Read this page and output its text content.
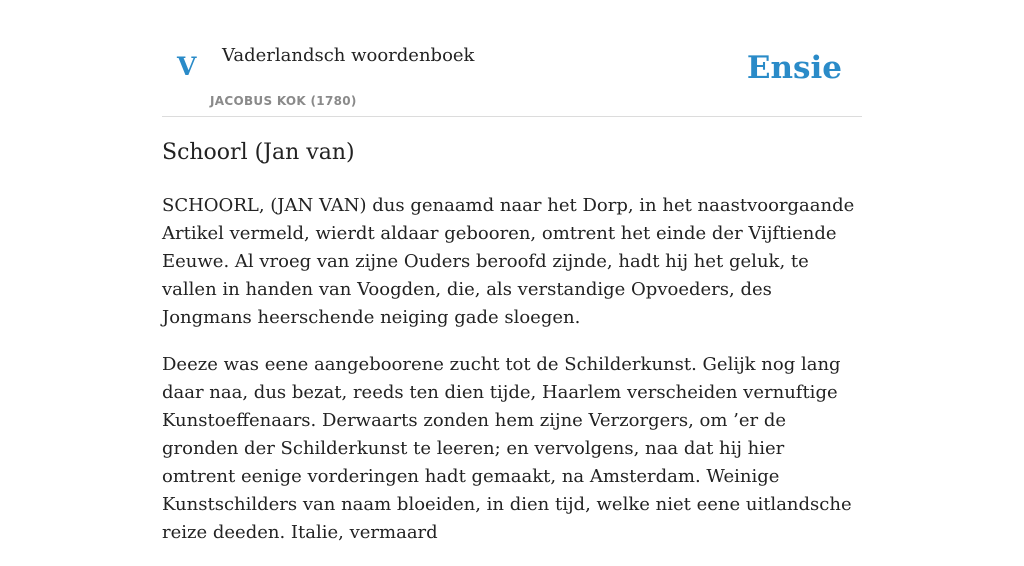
V Vaderlandsch woordenboek
JACOBUS KOK (1780)
Ensie
Schoorl (Jan van)

SCHOORL, (JAN VAN) dus genaamd naar het Dorp, in het naastvoorgaande Artikel vermeld, wierdt aldaar gebooren, omtrent het einde der Vijftiende Eeuwe. Al vroeg van zijne Ouders beroofd zijnde, hadt hij het geluk, te vallen in handen van Voogden, die, als verstandige Opvoeders, des Jongmans heerschende neiging gade sloegen.

Deeze was eene aangeboorene zucht tot de Schilderkunst. Gelijk nog lang daar naa, dus bezat, reeds ten dien tijde, Haarlem verscheiden vernuftige Kunstoeffenaars. Derwaarts zonden hem zijne Verzorgers, om ’er de gronden der Schilderkunst te leeren; en vervolgens, naa dat hij hier omtrent eenige vorderingen hadt gemaakt, na Amsterdam. Weinige Kunstschilders van naam bloeiden, in dien tijd, welke niet eene uitlandsche reize deeden. Italie, vermaard
